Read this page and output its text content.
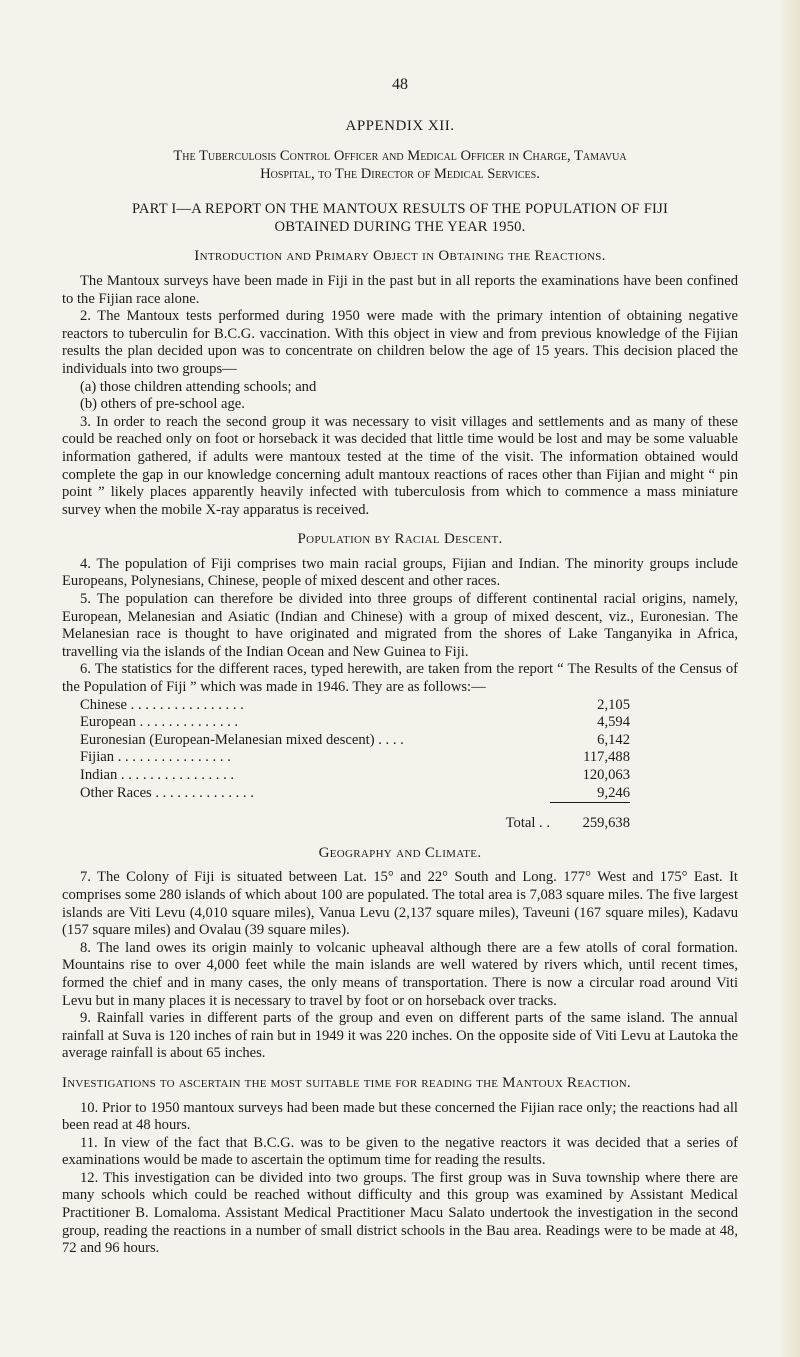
48
APPENDIX XII.

The Tuberculosis Control Officer and Medical Officer in Charge, Tamavua

Hospital, to The Director of Medical Services.

PART I—A REPORT ON THE MANTOUX RESULTS OF THE POPULATION OF FIJI

OBTAINED DURING THE YEAR 1950.

Introduction and Primary Object in Obtaining the Reactions.

The Mantoux surveys have been made in Fiji in the past but in all reports the examinations have been confined to the Fijian race alone.

2. The Mantoux tests performed during 1950 were made with the primary intention of obtaining negative reactors to tuberculin for B.C.G. vaccination. With this object in view and from previous knowledge of the Fijian results the plan decided upon was to concentrate on children below the age of 15 years. This decision placed the individuals into two groups—

(a) those children attending schools; and

(b) others of pre-school age.

3. In order to reach the second group it was necessary to visit villages and settlements and as many of these could be reached only on foot or horseback it was decided that little time would be lost and may be some valuable information gathered, if adults were mantoux tested at the time of the visit. The information obtained would complete the gap in our knowledge concerning adult mantoux reactions of races other than Fijian and might “ pin point ” likely places apparently heavily infected with tuberculosis from which to commence a mass miniature survey when the mobile X-ray apparatus is received.

Population by Racial Descent.

4. The population of Fiji comprises two main racial groups, Fijian and Indian. The minority groups include Europeans, Polynesians, Chinese, people of mixed descent and other races.

5. The population can therefore be divided into three groups of different continental racial origins, namely, European, Melanesian and Asiatic (Indian and Chinese) with a group of mixed descent, viz., Euronesian. The Melanesian race is thought to have originated and migrated from the shores of Lake Tanganyika in Africa, travelling via the islands of the Indian Ocean and New Guinea to Fiji.

6. The statistics for the different races, typed herewith, are taken from the report “ The Results of the Census of the Population of Fiji ” which was made in 1946. They are as follows:—

Chinese . . . . . . . . . . . . . . . .	2,105
European . . . . . . . . . . . . . .	4,594
Euronesian (European-Melanesian mixed descent) . . . .	6,142
Fijian . . . . . . . . . . . . . . . .	117,488
Indian . . . . . . . . . . . . . . . .	120,063
Other Races . . . . . . . . . . . . . .	9,246
Total . .	259,638
Geography and Climate.

7. The Colony of Fiji is situated between Lat. 15° and 22° South and Long. 177° West and 175° East. It comprises some 280 islands of which about 100 are populated. The total area is 7,083 square miles. The five largest islands are Viti Levu (4,010 square miles), Vanua Levu (2,137 square miles), Taveuni (167 square miles), Kadavu (157 square miles) and Ovalau (39 square miles).

8. The land owes its origin mainly to volcanic upheaval although there are a few atolls of coral formation. Mountains rise to over 4,000 feet while the main islands are well watered by rivers which, until recent times, formed the chief and in many cases, the only means of transportation. There is now a circular road around Viti Levu but in many places it is necessary to travel by foot or on horseback over tracks.

9. Rainfall varies in different parts of the group and even on different parts of the same island. The annual rainfall at Suva is 120 inches of rain but in 1949 it was 220 inches. On the opposite side of Viti Levu at Lautoka the average rainfall is about 65 inches.

Investigations to ascertain the most suitable time for reading the Mantoux Reaction.

10. Prior to 1950 mantoux surveys had been made but these concerned the Fijian race only; the reactions had all been read at 48 hours.

11. In view of the fact that B.C.G. was to be given to the negative reactors it was decided that a series of examinations would be made to ascertain the optimum time for reading the results.

12. This investigation can be divided into two groups. The first group was in Suva township where there are many schools which could be reached without difficulty and this group was examined by Assistant Medical Practitioner B. Lomaloma. Assistant Medical Practitioner Macu Salato undertook the investigation in the second group, reading the reactions in a number of small district schools in the Bau area. Readings were to be made at 48, 72 and 96 hours.
